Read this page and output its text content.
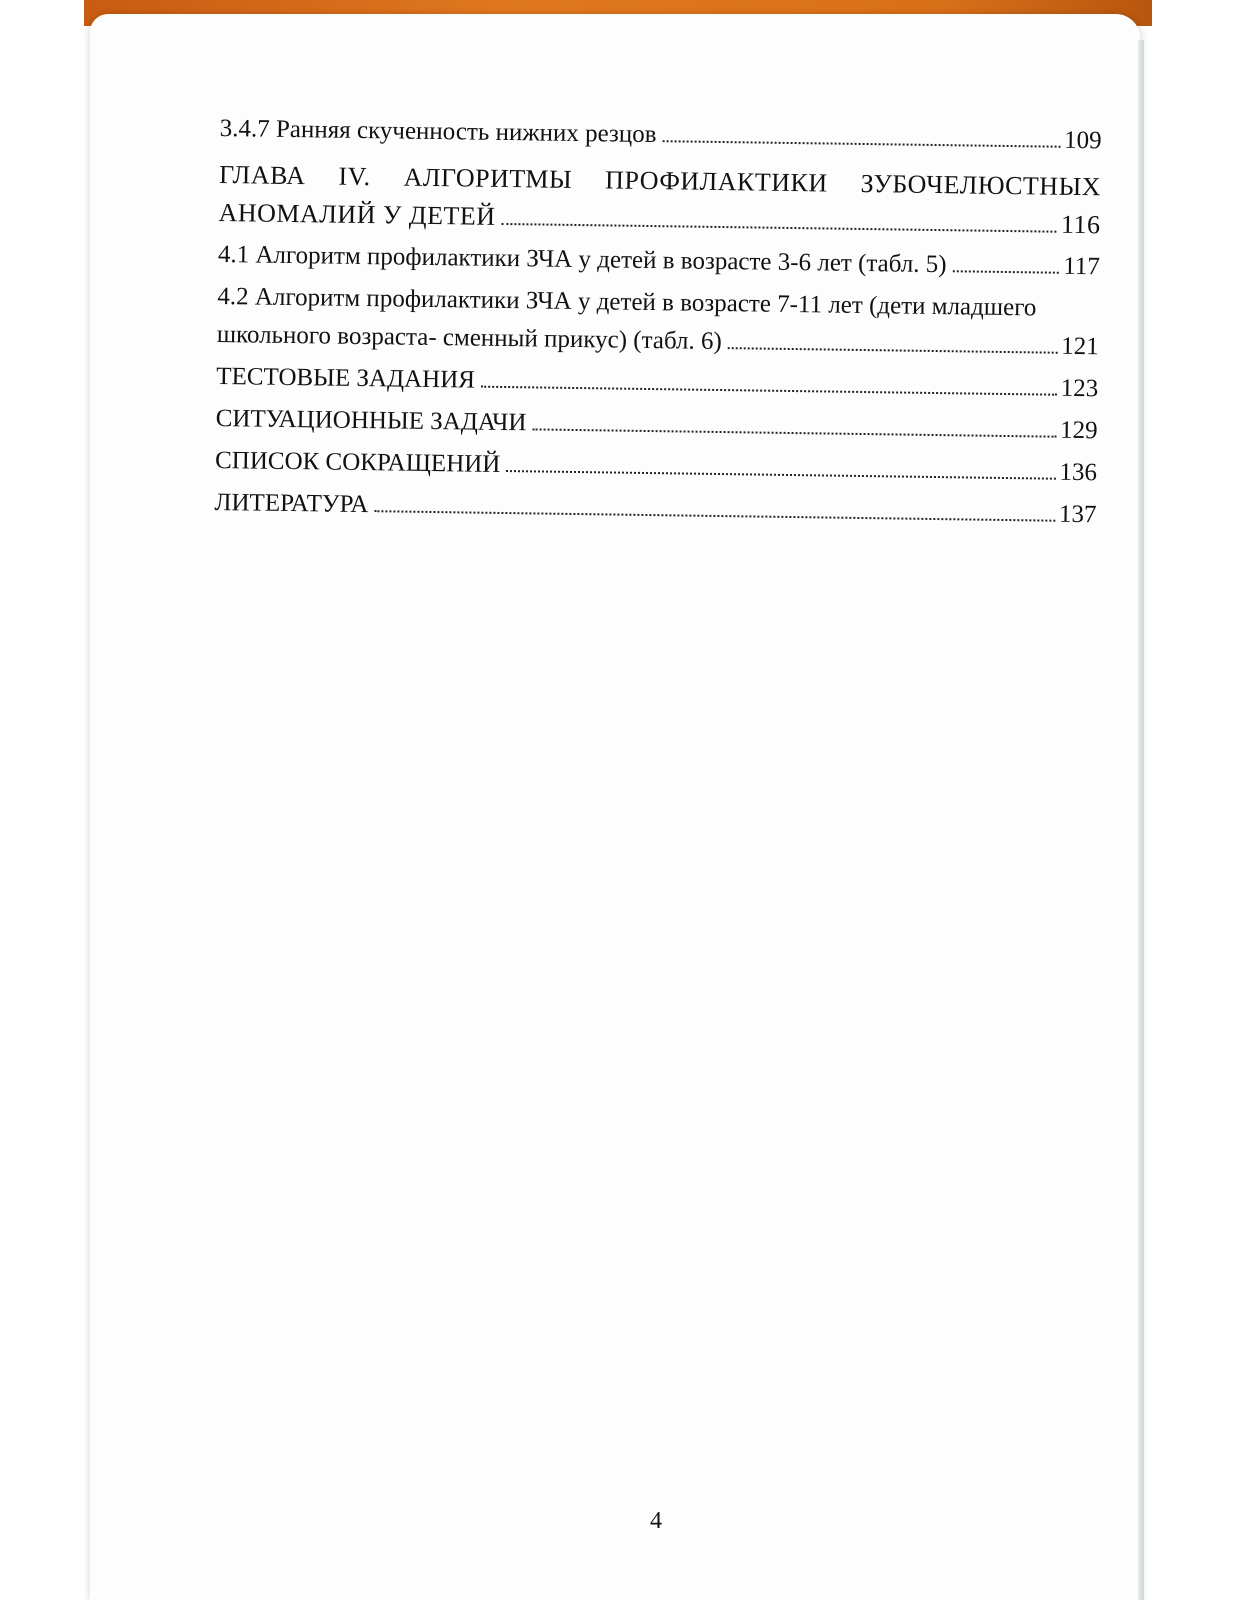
3.4.7 Ранняя скученность нижних резцов	109
ГЛАВА IV. АЛГОРИТМЫ ПРОФИЛАКТИКИ ЗУБОЧЕЛЮСТНЫХ
АНОМАЛИЙ У ДЕТЕЙ	116
4.1 Алгоритм профилактики ЗЧА у детей в возрасте 3-6 лет (табл. 5)	117
4.2 Алгоритм профилактики ЗЧА у детей в возрасте 7-11 лет (дети младшего
школьного возраста- сменный прикус) (табл. 6)	121
ТЕСТОВЫЕ ЗАДАНИЯ	123
СИТУАЦИОННЫЕ ЗАДАЧИ	129
СПИСОК СОКРАЩЕНИЙ	136
ЛИТЕРАТУРА	137
4
